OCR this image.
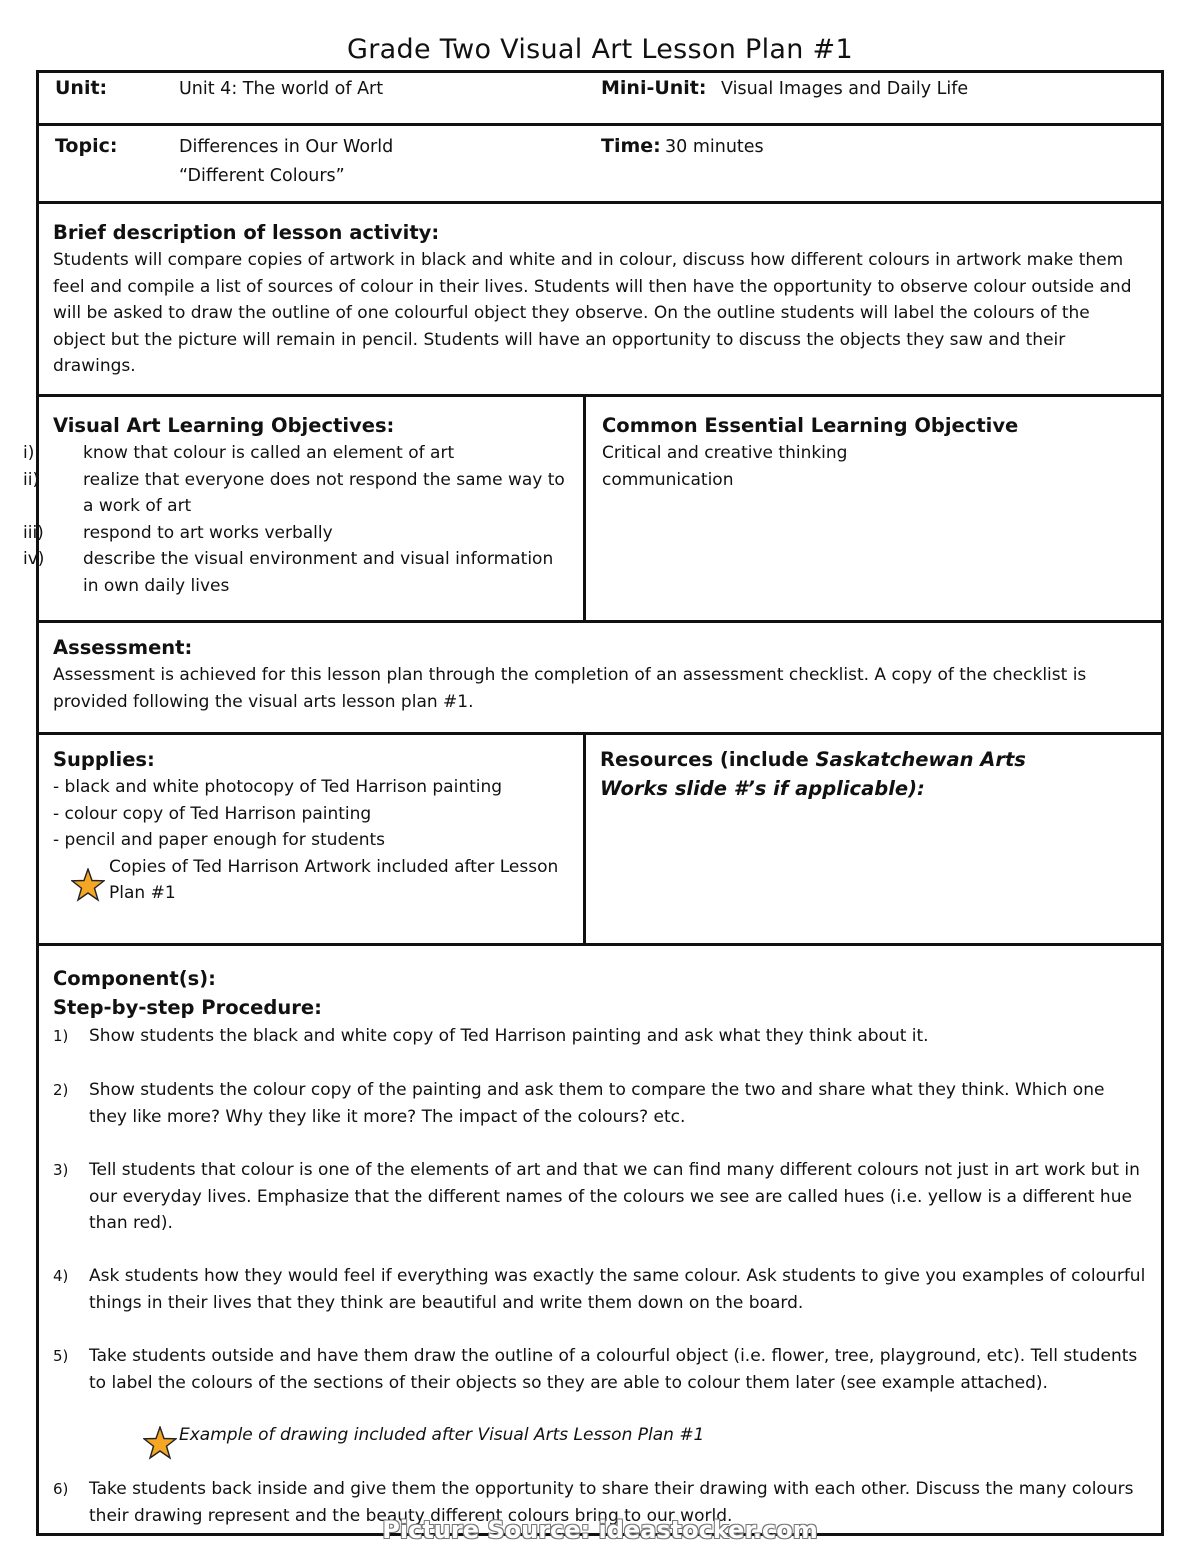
Grade Two Visual Art Lesson Plan #1
Unit:	Unit 4: The world of Art	Mini-Unit: Visual Images and Daily Life
Topic:	Differences in Our World
“Different Colours”
Time: 30 minutes
Brief description of lesson activity:

Students will compare copies of artwork in black and white and in colour, discuss how different colours in artwork make them feel and compile a list of sources of colour in their lives. Students will then have the opportunity to observe colour outside and will be asked to draw the outline of one colourful object they observe. On the outline students will label the colours of the object but the picture will remain in pencil. Students will have an opportunity to discuss the objects they saw and their drawings.

Visual Art Learning Objectives:
i)	know that colour is called an element of art
ii)	realize that everyone does not respond the same way to a work of art
iii) respond to art works verbally
iv) describe the visual environment and visual information in own daily lives
Common Essential Learning Objective
Critical and creative thinking
communication
Assessment:

Assessment is achieved for this lesson plan through the completion of an assessment checklist. A copy of the checklist is provided following the visual arts lesson plan #1.

Supplies:
- black and white photocopy of Ted Harrison painting
- colour copy of Ted Harrison painting
- pencil and paper enough for students

Copies of Ted Harrison Artwork included after Lesson Plan #1

Resources (include Saskatchewan Arts Works slide #’s if applicable):
Component(s):
Step-by-step Procedure:
1) Show students the black and white copy of Ted Harrison painting and ask what they think about it.
2) Show students the colour copy of the painting and ask them to compare the two and share what they think. Which one they like more? Why they like it more? The impact of the colours? etc.
3) Tell students that colour is one of the elements of art and that we can find many different colours not just in art work but in our everyday lives. Emphasize that the different names of the colours we see are called hues (i.e. yellow is a different hue than red).
4) Ask students how they would feel if everything was exactly the same colour. Ask students to give you examples of colourful things in their lives that they think are beautiful and write them down on the board.
5) Take students outside and have them draw the outline of a colourful object (i.e. flower, tree, playground, etc). Tell students to label the colours of the sections of their objects so they are able to colour them later (see example attached).
Example of drawing included after Visual Arts Lesson Plan #1
6) Take students back inside and give them the opportunity to share their drawing with each other. Discuss the many colours their drawing represent and the beauty different colours bring to our world.
Picture Source: ideastocker.com
